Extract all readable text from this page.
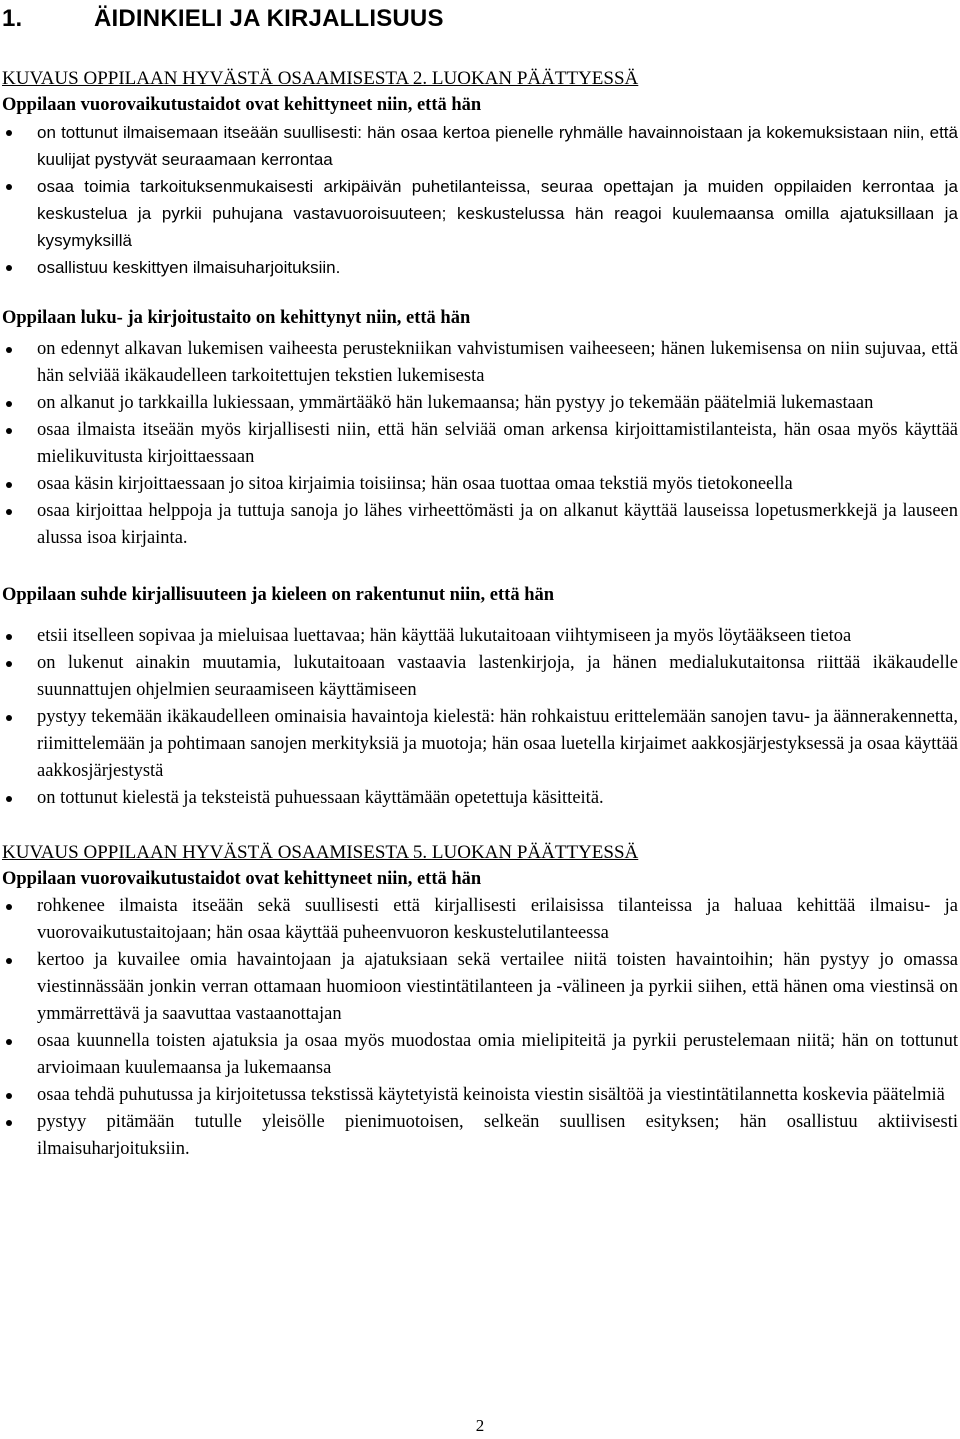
1.	ÄIDINKIELI JA KIRJALLISUUS

KUVAUS OPPILAAN HYVÄSTÄ OSAAMISESTA 2. LUOKAN PÄÄTTYESSÄ

Oppilaan vuorovaikutustaidot ovat kehittyneet niin, että hän

on tottunut ilmaisemaan itseään suullisesti: hän osaa kertoa pienelle ryhmälle havainnoistaan ja kokemuksistaan niin, että kuulijat pystyvät seuraamaan kerrontaa
osaa toimia tarkoituksenmukaisesti arkipäivän puhetilanteissa, seuraa opettajan ja muiden oppilaiden kerrontaa ja keskustelua ja pyrkii puhujana vastavuoroisuuteen; keskustelussa hän reagoi kuulemaansa omilla ajatuksillaan ja kysymyksillä
osallistuu keskittyen ilmaisuharjoituksiin.

Oppilaan luku- ja kirjoitustaito on kehittynyt niin, että hän

on edennyt alkavan lukemisen vaiheesta perustekniikan vahvistumisen vaiheeseen; hänen lukemisensa on niin sujuvaa, että hän selviää ikäkaudelleen tarkoitettujen tekstien lukemisesta
on alkanut jo tarkkailla lukiessaan, ymmärtääkö hän lukemaansa; hän pystyy jo tekemään päätelmiä lukemastaan
osaa ilmaista itseään myös kirjallisesti niin, että hän selviää oman arkensa kirjoittamistilanteista, hän osaa myös käyttää mielikuvitusta kirjoittaessaan
osaa käsin kirjoittaessaan jo sitoa kirjaimia toisiinsa; hän osaa tuottaa omaa tekstiä myös tietokoneella
osaa kirjoittaa helppoja ja tuttuja sanoja jo lähes virheettömästi ja on alkanut käyttää lauseissa lopetusmerkkejä ja lauseen alussa isoa kirjainta.

Oppilaan suhde kirjallisuuteen ja kieleen on rakentunut niin, että hän

etsii itselleen sopivaa ja mieluisaa luettavaa; hän käyttää lukutaitoaan viihtymiseen ja myös löytääkseen tietoa
on lukenut ainakin muutamia, lukutaitoaan vastaavia lastenkirjoja, ja hänen medialukutaitonsa riittää ikäkaudelle suunnattujen ohjelmien seuraamiseen käyttämiseen
pystyy tekemään ikäkaudelleen ominaisia havaintoja kielestä: hän rohkaistuu erittelemään sanojen tavu- ja äännerakennetta, riimittelemään ja pohtimaan sanojen merkityksiä ja muotoja; hän osaa luetella kirjaimet aakkosjärjestyksessä ja osaa käyttää aakkosjärjestystä
on tottunut kielestä ja teksteistä puhuessaan käyttämään opetettuja käsitteitä.

KUVAUS OPPILAAN HYVÄSTÄ OSAAMISESTA 5. LUOKAN PÄÄTTYESSÄ

Oppilaan vuorovaikutustaidot ovat kehittyneet niin, että hän

rohkenee ilmaista itseään sekä suullisesti että kirjallisesti erilaisissa tilanteissa ja haluaa kehittää ilmaisu- ja vuorovaikutustaitojaan; hän osaa käyttää puheenvuoron keskustelutilanteessa
kertoo ja kuvailee omia havaintojaan ja ajatuksiaan sekä vertailee niitä toisten havaintoihin; hän pystyy jo omassa viestinnässään jonkin verran ottamaan huomioon viestintätilanteen ja -välineen ja pyrkii siihen, että hänen oma viestinsä on ymmärrettävä ja saavuttaa vastaanottajan
osaa kuunnella toisten ajatuksia ja osaa myös muodostaa omia mielipiteitä ja pyrkii perustelemaan niitä; hän on tottunut arvioimaan kuulemaansa ja lukemaansa
osaa tehdä puhutussa ja kirjoitetussa tekstissä käytetyistä keinoista viestin sisältöä ja viestintätilannetta koskevia päätelmiä
pystyy pitämään tutulle yleisölle pienimuotoisen, selkeän suullisen esityksen; hän osallistuu aktiivisesti ilmaisuharjoituksiin.
2
